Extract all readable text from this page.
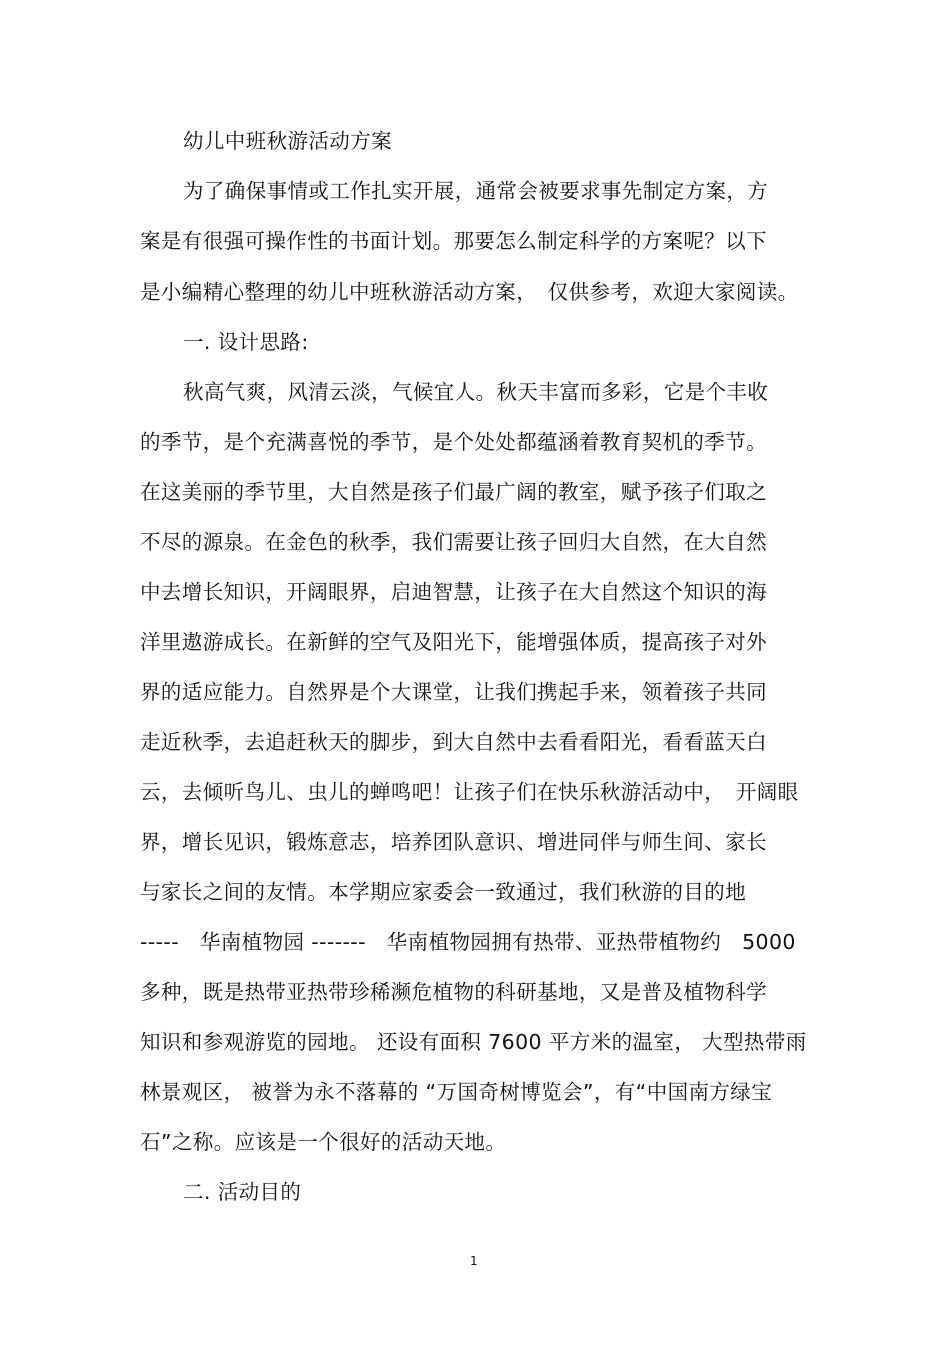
幼儿中班秋游活动方案
为了确保事情或工作扎实开展，通常会被要求事先制定方案，方
案是有很强可操作性的书面计划。那要怎么制定科学的方案呢？以下
是小编精心整理的幼儿中班秋游活动方案，　仅供参考，欢迎大家阅读。
一. 设计思路:
秋高气爽，风清云淡，气候宜人。秋天丰富而多彩，它是个丰收
的季节，是个充满喜悦的季节，是个处处都蕴涵着教育契机的季节。
在这美丽的季节里，大自然是孩子们最广阔的教室，赋予孩子们取之
不尽的源泉。在金色的秋季，我们需要让孩子回归大自然，在大自然
中去增长知识，开阔眼界，启迪智慧，让孩子在大自然这个知识的海
洋里遨游成长。在新鲜的空气及阳光下，能增强体质，提高孩子对外
界的适应能力。自然界是个大课堂，让我们携起手来，领着孩子共同
走近秋季，去追赶秋天的脚步，到大自然中去看看阳光，看看蓝天白
云，去倾听鸟儿、虫儿的蝉鸣吧！让孩子们在快乐秋游活动中，　开阔眼
界，增长见识，锻炼意志，培养团队意识、增进同伴与师生间、家长
与家长之间的友情。本学期应家委会一致通过，我们秋游的目的地
-----　华南植物园 -------　华南植物园拥有热带、亚热带植物约　5000
多种，既是热带亚热带珍稀濒危植物的科研基地，又是普及植物科学
知识和参观游览的园地。 还设有面积 7600 平方米的温室， 大型热带雨
林景观区， 被誉为永不落幕的 “万国奇树博览会”，有“中国南方绿宝
石”之称。应该是一个很好的活动天地。
二. 活动目的
1
